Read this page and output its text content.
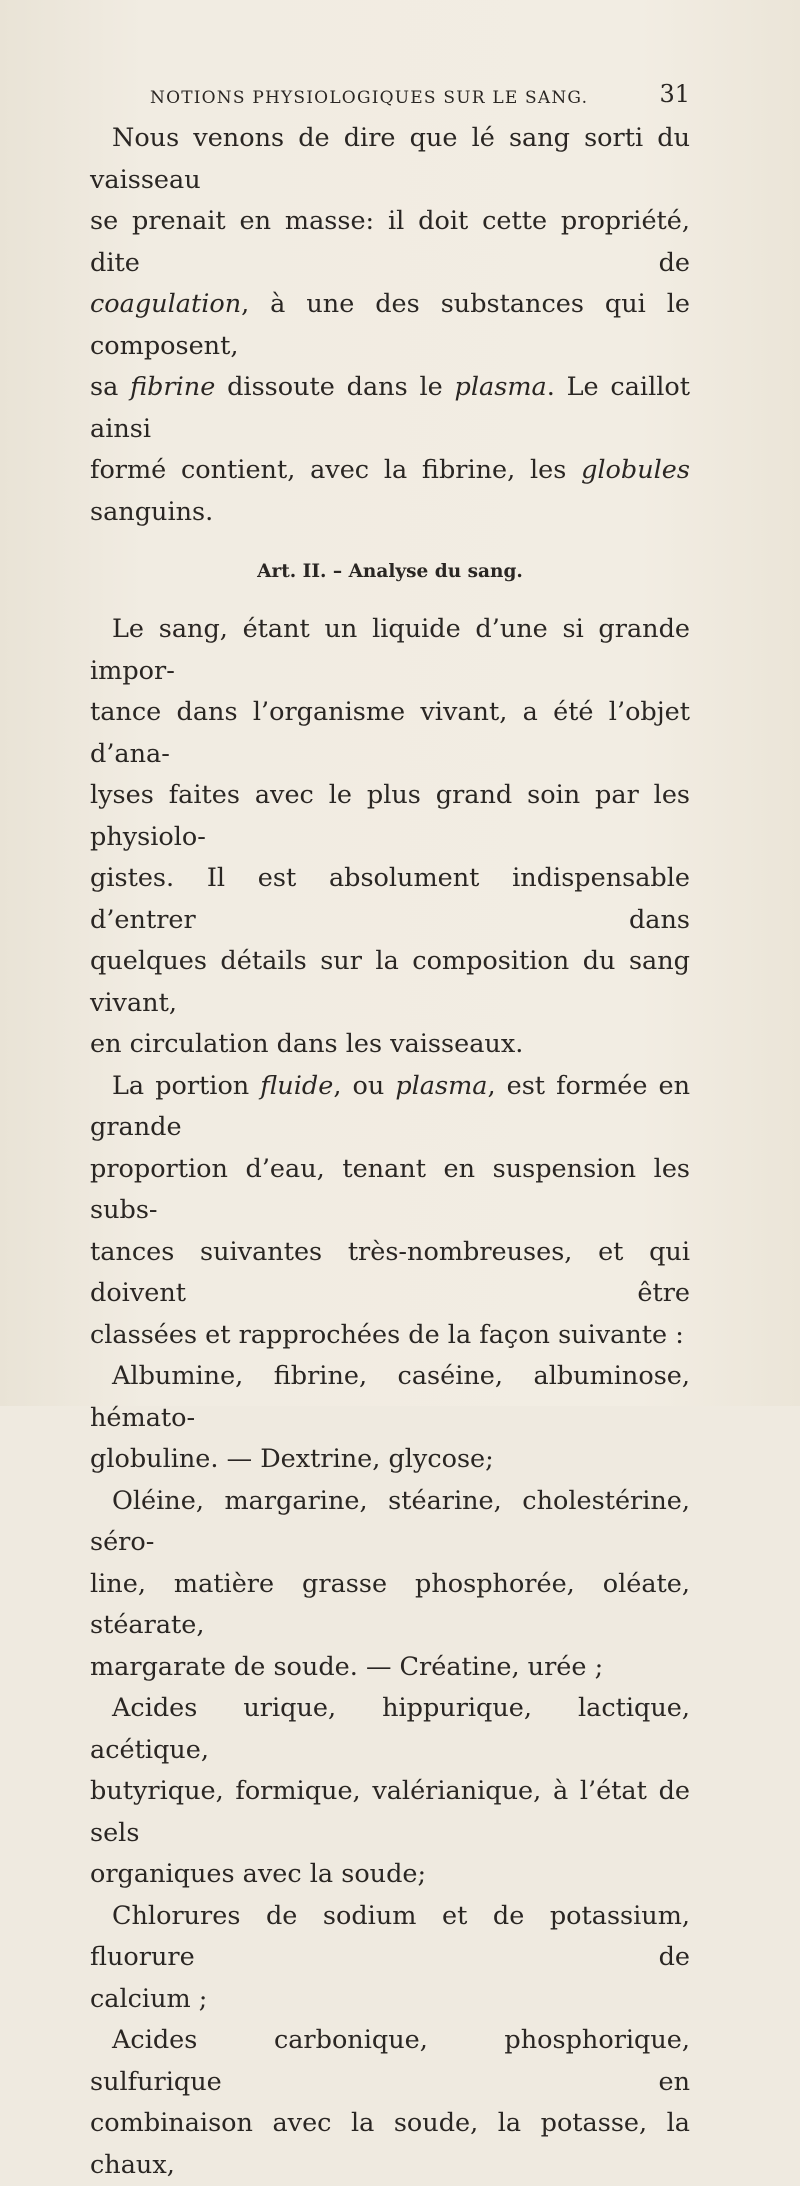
NOTIONS PHYSIOLOGIQUES SUR LE SANG.	31

Nous venons de dire que lé sang sorti du vaisseau

se prenait en masse: il doit cette propriété, dite de

coagulation, à une des substances qui le composent,

sa fibrine dissoute dans le plasma. Le caillot ainsi

formé contient, avec la fibrine, les globules sanguins.

Art. II. – Analyse du sang.

Le sang, étant un liquide d’une si grande impor-

tance dans l’organisme vivant, a été l’objet d’ana-

lyses faites avec le plus grand soin par les physiolo-

gistes. Il est absolument indispensable d’entrer dans

quelques détails sur la composition du sang vivant,

en circulation dans les vaisseaux.

La portion fluide, ou plasma, est formée en grande

proportion d’eau, tenant en suspension les subs-

tances suivantes très-nombreuses, et qui doivent être

classées et rapprochées de la façon suivante :

Albumine, fibrine, caséine, albuminose, hémato-

globuline. — Dextrine, glycose;

Oléine, margarine, stéarine, cholestérine, séro-

line, matière grasse phosphorée, oléate, stéarate,

margarate de soude. — Créatine, urée ;

Acides urique, hippurique, lactique, acétique,

butyrique, formique, valérianique, à l’état de sels

organiques avec la soude;

Chlorures de sodium et de potassium, fluorure de

calcium ;

Acides carbonique, phosphorique, sulfurique en

combinaison avec la soude, la potasse, la chaux,
